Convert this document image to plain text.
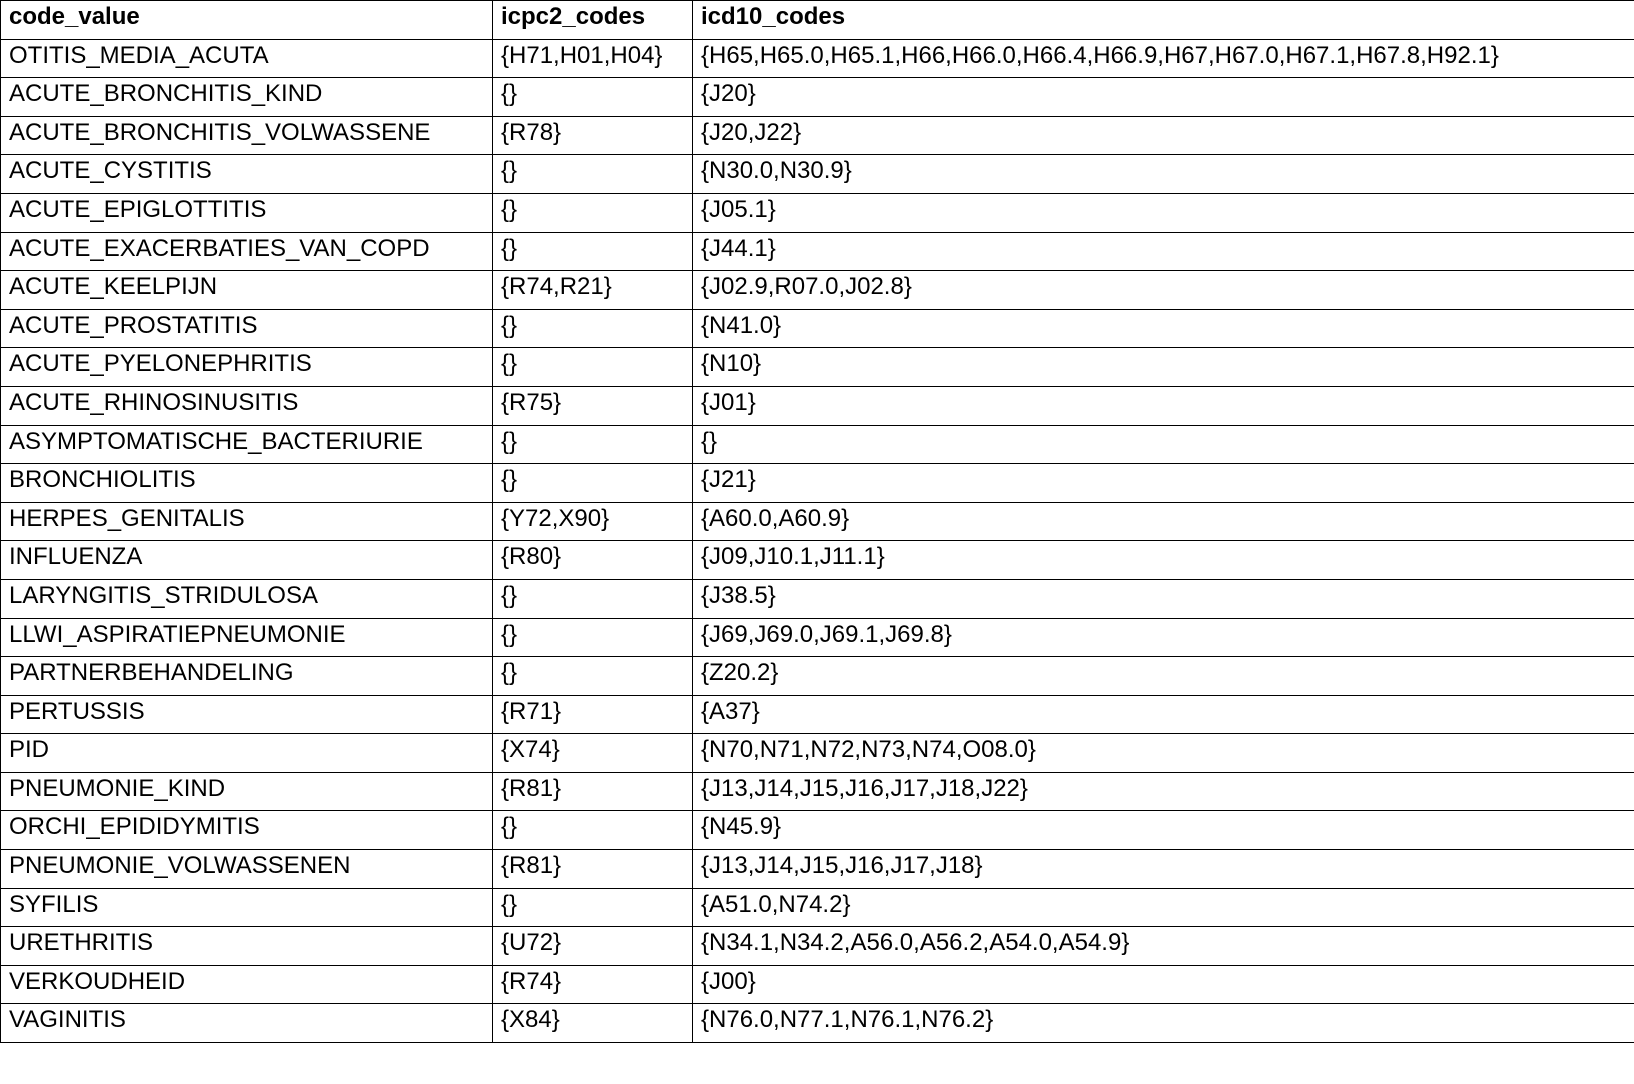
code_value	icpc2_codes	icd10_codes
OTITIS_MEDIA_ACUTA	{H71,H01,H04}	{H65,H65.0,H65.1,H66,H66.0,H66.4,H66.9,H67,H67.0,H67.1,H67.8,H92.1}
ACUTE_BRONCHITIS_KIND	{}	{J20}
ACUTE_BRONCHITIS_VOLWASSENE	{R78}	{J20,J22}
ACUTE_CYSTITIS	{}	{N30.0,N30.9}
ACUTE_EPIGLOTTITIS	{}	{J05.1}
ACUTE_EXACERBATIES_VAN_COPD	{}	{J44.1}
ACUTE_KEELPIJN	{R74,R21}	{J02.9,R07.0,J02.8}
ACUTE_PROSTATITIS	{}	{N41.0}
ACUTE_PYELONEPHRITIS	{}	{N10}
ACUTE_RHINOSINUSITIS	{R75}	{J01}
ASYMPTOMATISCHE_BACTERIURIE	{}	{}
BRONCHIOLITIS	{}	{J21}
HERPES_GENITALIS	{Y72,X90}	{A60.0,A60.9}
INFLUENZA	{R80}	{J09,J10.1,J11.1}
LARYNGITIS_STRIDULOSA	{}	{J38.5}
LLWI_ASPIRATIEPNEUMONIE	{}	{J69,J69.0,J69.1,J69.8}
PARTNERBEHANDELING	{}	{Z20.2}
PERTUSSIS	{R71}	{A37}
PID	{X74}	{N70,N71,N72,N73,N74,O08.0}
PNEUMONIE_KIND	{R81}	{J13,J14,J15,J16,J17,J18,J22}
ORCHI_EPIDIDYMITIS	{}	{N45.9}
PNEUMONIE_VOLWASSENEN	{R81}	{J13,J14,J15,J16,J17,J18}
SYFILIS	{}	{A51.0,N74.2}
URETHRITIS	{U72}	{N34.1,N34.2,A56.0,A56.2,A54.0,A54.9}
VERKOUDHEID	{R74}	{J00}
VAGINITIS	{X84}	{N76.0,N77.1,N76.1,N76.2}
